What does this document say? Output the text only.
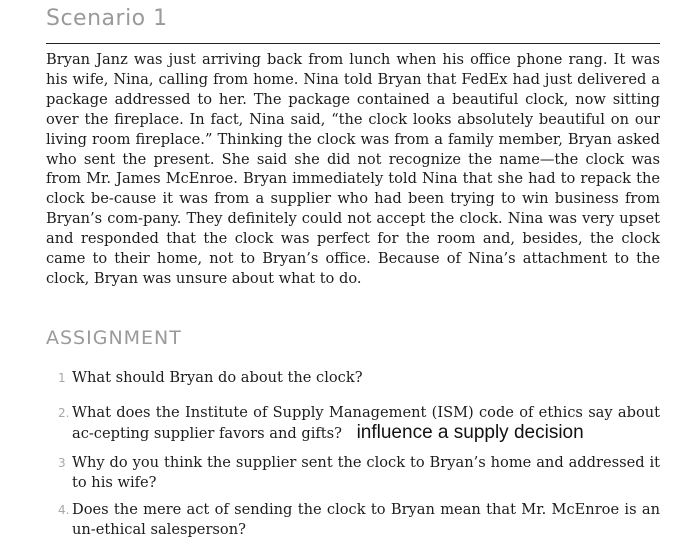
Scenario 1

Bryan Janz was just arriving back from lunch when his office phone rang. It was his wife, Nina, calling from home. Nina told Bryan that FedEx had just delivered a package addressed to her. The package contained a beautiful clock, now sitting over the fireplace. In fact, Nina said, “the clock looks absolutely beautiful on our living room fireplace.” Thinking the clock was from a family member, Bryan asked who sent the present. She said she did not recognize the name—the clock was from Mr. James McEnroe. Bryan immediately told Nina that she had to repack the clock be-cause it was from a supplier who had been trying to win business from Bryan’s com-pany. They definitely could not accept the clock. Nina was very upset and responded that the clock was perfect for the room and, besides, the clock came to their home, not to Bryan’s office. Because of Nina’s attachment to the clock, Bryan was unsure about what to do.

ASSIGNMENT
1 What should Bryan do about the clock?
2. What does the Institute of Supply Management (ISM) code of ethics say about ac-cepting supplier favors and gifts? influence a supply decision
3 Why do you think the supplier sent the clock to Bryan’s home and addressed it to his wife?
4. Does the mere act of sending the clock to Bryan mean that Mr. McEnroe is an un-ethical salesperson?
